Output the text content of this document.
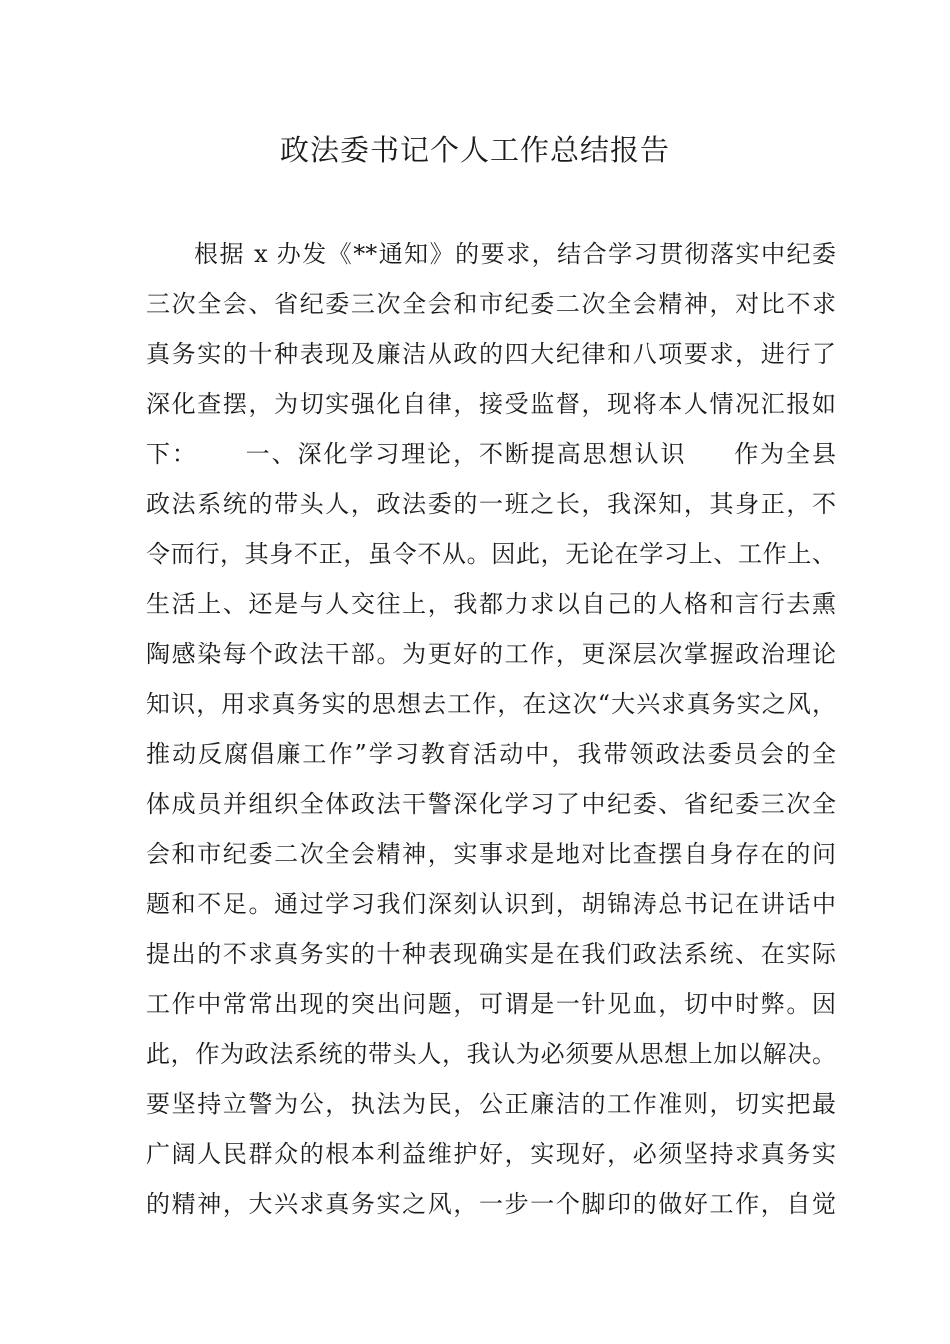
政法委书记个人工作总结报告
根据 x 办发《**通知》的要求，结合学习贯彻落实中纪委
三次全会、省纪委三次全会和市纪委二次全会精神，对比不求
真务实的十种表现及廉洁从政的四大纪律和八项要求，进行了
深化查摆，为切实强化自律，接受监督，现将本人情况汇报如
下：     一、深化学习理论，不断提高思想认识     作为全县
政法系统的带头人，政法委的一班之长，我深知，其身正，不
令而行，其身不正，虽令不从。因此，无论在学习上、工作上、
生活上、还是与人交往上，我都力求以自己的人格和言行去熏
陶感染每个政法干部。为更好的工作，更深层次掌握政治理论
知识，用求真务实的思想去工作，在这次“大兴求真务实之风，
推动反腐倡廉工作”学习教育活动中，我带领政法委员会的全
体成员并组织全体政法干警深化学习了中纪委、省纪委三次全
会和市纪委二次全会精神，实事求是地对比查摆自身存在的问
题和不足。通过学习我们深刻认识到，胡锦涛总书记在讲话中
提出的不求真务实的十种表现确实是在我们政法系统、在实际
工作中常常出现的突出问题，可谓是一针见血，切中时弊。因
此，作为政法系统的带头人，我认为必须要从思想上加以解决。
要坚持立警为公，执法为民，公正廉洁的工作准则，切实把最
广阔人民群众的根本利益维护好，实现好，必须坚持求真务实
的精神，大兴求真务实之风，一步一个脚印的做好工作，自觉
